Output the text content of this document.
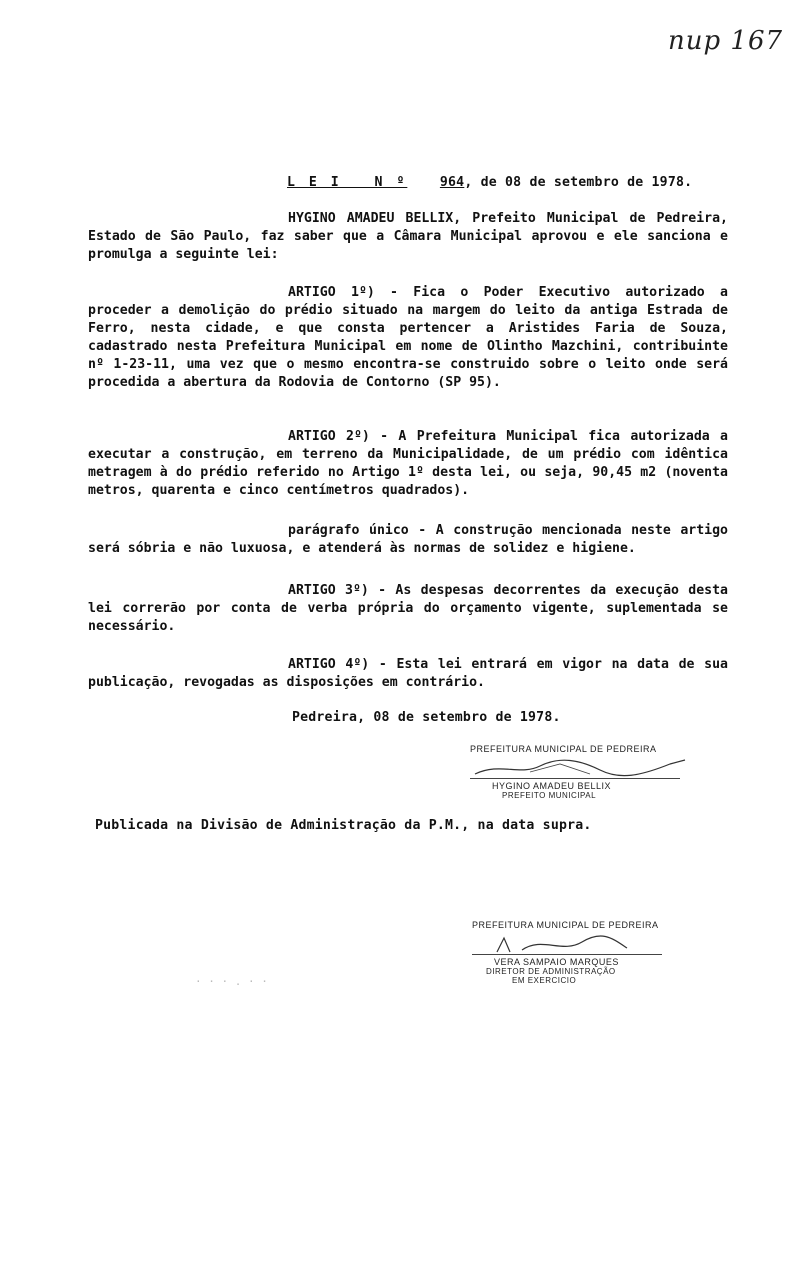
nup 167
L E I   N º 964, de 08 de setembro de 1978.

HYGINO AMADEU BELLIX, Prefeito Municipal de Pedreira, Estado de São Paulo, faz saber que a Câmara Municipal aprovou e ele sanciona e promulga a seguinte lei:

ARTIGO 1º) - Fica o Poder Executivo autorizado a proceder a demolição do prédio situado na margem do leito da antiga Estrada de Ferro, nesta cidade, e que consta pertencer a Aristides Faria de Souza, cadastrado nesta Prefeitura Municipal em nome de Olintho Mazchini, contribuinte nº 1-23-11, uma vez que o mesmo encontra-se construido sobre o leito onde será procedida a abertura da Rodovia de Contorno (SP 95).

ARTIGO 2º) - A Prefeitura Municipal fica autorizada a executar a construção, em terreno da Municipalidade, de um prédio com idêntica metragem à do prédio referido no Artigo 1º desta lei, ou seja, 90,45 m2 (noventa metros, quarenta e cinco centímetros quadrados).

parágrafo único - A construção mencionada neste artigo será sóbria e não luxuosa, e atenderá às normas de solidez e higiene.

ARTIGO 3º) - As despesas decorrentes da execução desta lei correrão por conta de verba própria do orçamento vigente, suplementada se necessário.

ARTIGO 4º) - Esta lei entrará em vigor na data de sua publicação, revogadas as disposições em contrário.

Pedreira, 08 de setembro de 1978.
PREFEITURA MUNICIPAL DE PEDREIRA
HYGINO AMADEU BELLIX
PREFEITO MUNICIPAL
Publicada na Divisão de Administração da P.M., na data supra.
PREFEITURA MUNICIPAL DE PEDREIRA
VERA SAMPAIO MARQUES
DIRETOR DE ADMINISTRAÇÃO
EM EXERCICIO
· · · . · ·
